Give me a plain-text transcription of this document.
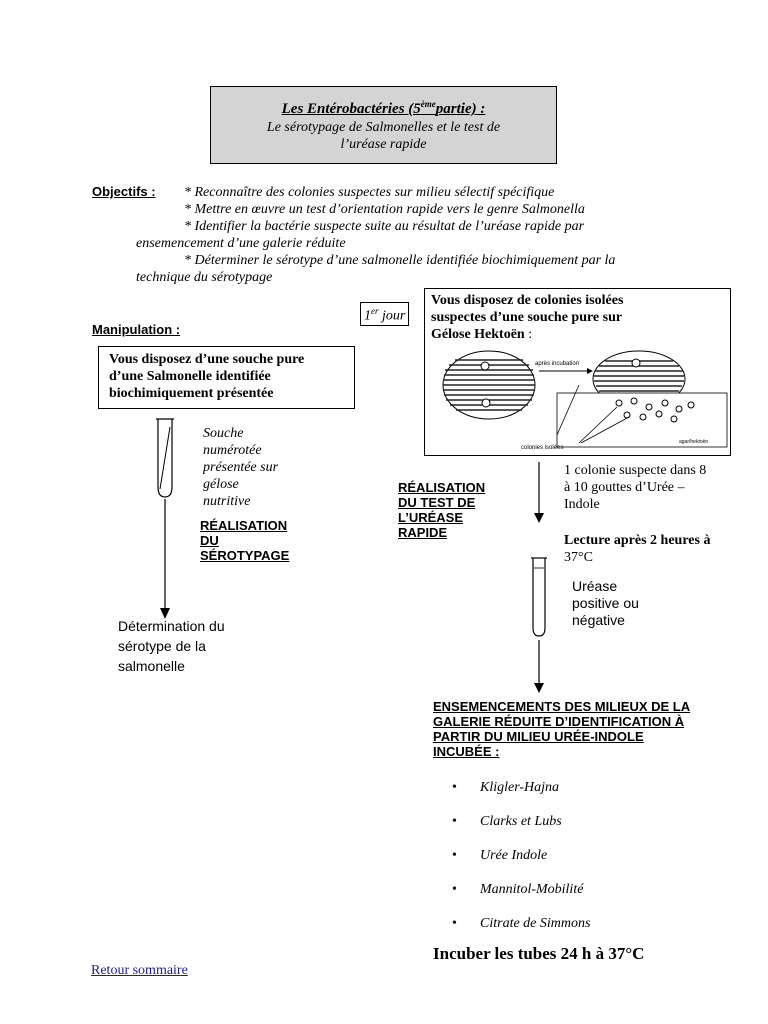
Les Entérobactéries (5èmepartie) :
Le sérotypage de Salmonelles et le test de
l’uréase rapide
Objectifs : * Reconnaître des colonies suspectes sur milieu sélectif spécifique
* Mettre en œuvre un test d’orientation rapide vers le genre Salmonella
* Identifier la bactérie suspecte suite au résultat de l’uréase rapide par
ensemencement d’une galerie réduite
* Déterminer le sérotype d’une salmonelle identifiée biochimiquement par la
technique du sérotypage
1er jour
Manipulation :
Vous disposez d’une souche pure
d’une Salmonelle identifiée
biochimiquement présentée
Souche
numérotée
présentée sur
gélose
nutritive
RÉALISATION
DU
SÉROTYPAGE
Détermination du
sérotype de la
salmonelle
Vous disposez de colonies isolées
suspectes d’une souche pure sur
Gélose Hektoën :
après incubation
colonies isolées
agar/hektoën
RÉALISATION
DU TEST DE
L’URÉASE
RAPIDE
1 colonie suspecte dans 8
à 10 gouttes d’Urée –
Indole
Lecture après 2 heures à
37°C
Uréase
positive ou
négative
ENSEMENCEMENTS DES MILIEUX DE LA
GALERIE RÉDUITE D’IDENTIFICATION À
PARTIR DU MILIEU URÉE-INDOLE
INCUBÉE :
• Kligler-Hajna
• Clarks et Lubs
• Urée Indole
• Mannitol-Mobilité
• Citrate de Simmons
Incuber les tubes 24 h à 37°C
Retour sommaire
